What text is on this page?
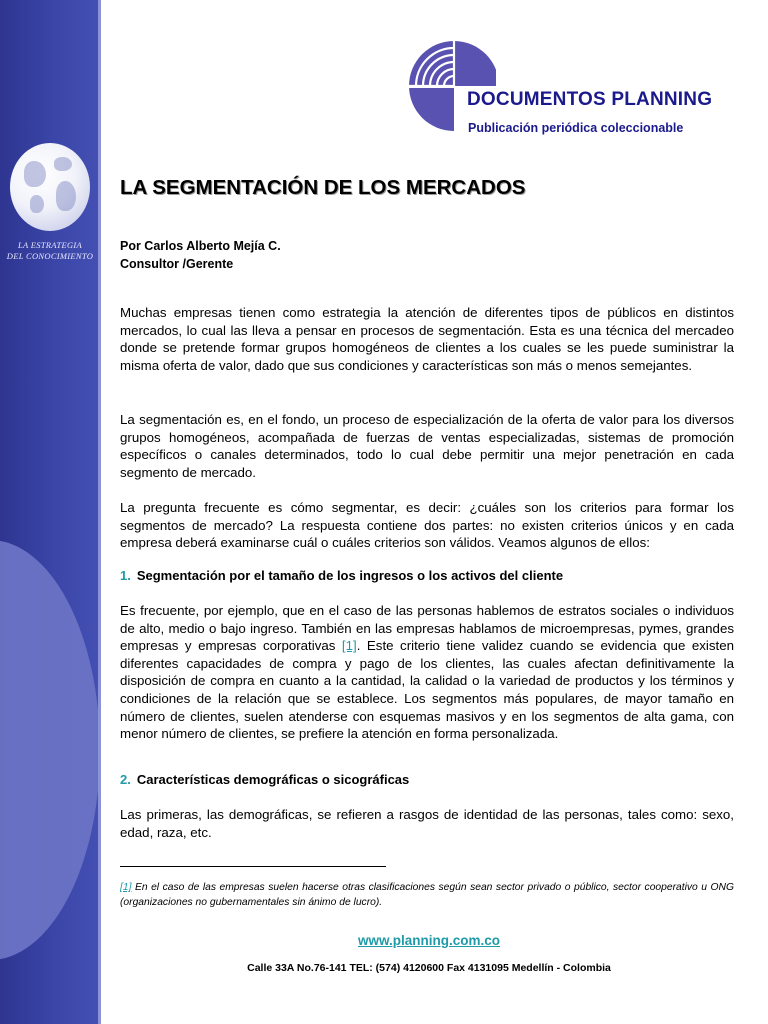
LA ESTRATEGIA
DEL CONOCIMIENTO
DOCUMENTOS PLANNING
Publicación periódica coleccionable
LA SEGMENTACIÓN DE LOS MERCADOS
Por Carlos Alberto Mejía C.
Consultor /Gerente

Muchas empresas tienen como estrategia la atención de diferentes tipos de públicos en distintos mercados, lo cual las lleva a pensar en procesos de segmentación. Esta es una técnica del mercadeo donde se pretende formar grupos homogéneos de clientes a los cuales se les puede suministrar la misma oferta de valor, dado que sus condiciones y características son más o menos semejantes.

La segmentación es, en el fondo, un proceso de especialización de la oferta de valor para los diversos grupos homogéneos, acompañada de fuerzas de ventas especializadas, sistemas de promoción específicos o canales determinados, todo lo cual debe permitir una mejor penetración en cada segmento de mercado.

La pregunta frecuente es cómo segmentar, es decir: ¿cuáles son los criterios para formar los segmentos de mercado? La respuesta contiene dos partes: no existen criterios únicos y en cada empresa deberá examinarse cuál o cuáles criterios son válidos. Veamos algunos de ellos:

1. Segmentación por el tamaño de los ingresos o los activos del cliente

Es frecuente, por ejemplo, que en el caso de las personas hablemos de estratos sociales o individuos de alto, medio o bajo ingreso. También en las empresas hablamos de microempresas, pymes, grandes empresas y empresas corporativas [1]. Este criterio tiene validez cuando se evidencia que existen diferentes capacidades de compra y pago de los clientes, las cuales afectan definitivamente la disposición de compra en cuanto a la cantidad, la calidad o la variedad de productos y los términos y condiciones de la relación que se establece. Los segmentos más populares, de mayor tamaño en número de clientes, suelen atenderse con esquemas masivos y en los segmentos de alta gama, con menor número de clientes, se prefiere la atención en forma personalizada.

2. Características demográficas o sicográficas

Las primeras, las demográficas, se refieren a rasgos de identidad de las personas, tales como: sexo, edad, raza, etc.

[1] En el caso de las empresas suelen hacerse otras clasificaciones según sean sector privado o público, sector cooperativo u ONG (organizaciones no gubernamentales sin ánimo de lucro).

www.planning.com.co
Calle 33A No.76-141 TEL: (574) 4120600 Fax 4131095 Medellín - Colombia
